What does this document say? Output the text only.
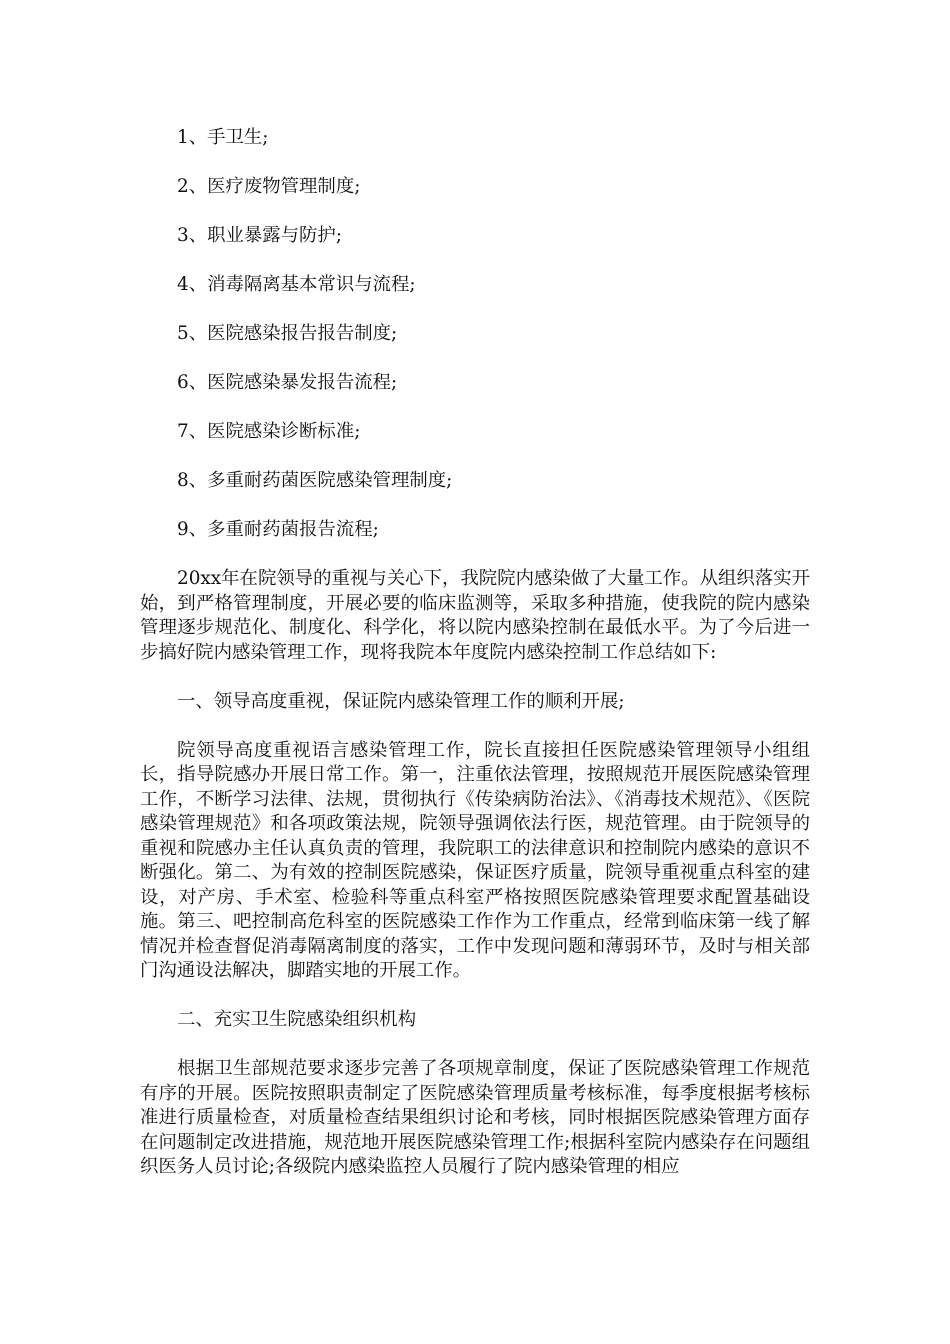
1、手卫生;
2、医疗废物管理制度;
3、职业暴露与防护;
4、消毒隔离基本常识与流程;
5、医院感染报告报告制度;
6、医院感染暴发报告流程;
7、医院感染诊断标准;
8、多重耐药菌医院感染管理制度;
9、多重耐药菌报告流程;

20xx年在院领导的重视与关心下，我院院内感染做了大量工作。从组织落实开始，到严格管理制度，开展必要的临床监测等，采取多种措施，使我院的院内感染管理逐步规范化、制度化、科学化，将以院内感染控制在最低水平。为了今后进一步搞好院内感染管理工作，现将我院本年度院内感染控制工作总结如下:

一、领导高度重视，保证院内感染管理工作的顺利开展;

院领导高度重视语言感染管理工作，院长直接担任医院感染管理领导小组组长，指导院感办开展日常工作。第一，注重依法管理，按照规范开展医院感染管理工作，不断学习法律、法规，贯彻执行《传染病防治法》、《消毒技术规范》、《医院感染管理规范》和各项政策法规，院领导强调依法行医，规范管理。由于院领导的重视和院感办主任认真负责的管理，我院职工的法律意识和控制院内感染的意识不断强化。第二、为有效的控制医院感染，保证医疗质量，院领导重视重点科室的建设，对产房、手术室、检验科等重点科室严格按照医院感染管理要求配置基础设施。第三、吧控制高危科室的医院感染工作作为工作重点，经常到临床第一线了解情况并检查督促消毒隔离制度的落实，工作中发现问题和薄弱环节，及时与相关部门沟通设法解决，脚踏实地的开展工作。

二、充实卫生院感染组织机构

根据卫生部规范要求逐步完善了各项规章制度，保证了医院感染管理工作规范有序的开展。医院按照职责制定了医院感染管理质量考核标准，每季度根据考核标准进行质量检查，对质量检查结果组织讨论和考核，同时根据医院感染管理方面存在问题制定改进措施，规范地开展医院感染管理工作;根据科室院内感染存在问题组织医务人员讨论;各级院内感染监控人员履行了院内感染管理的相应
